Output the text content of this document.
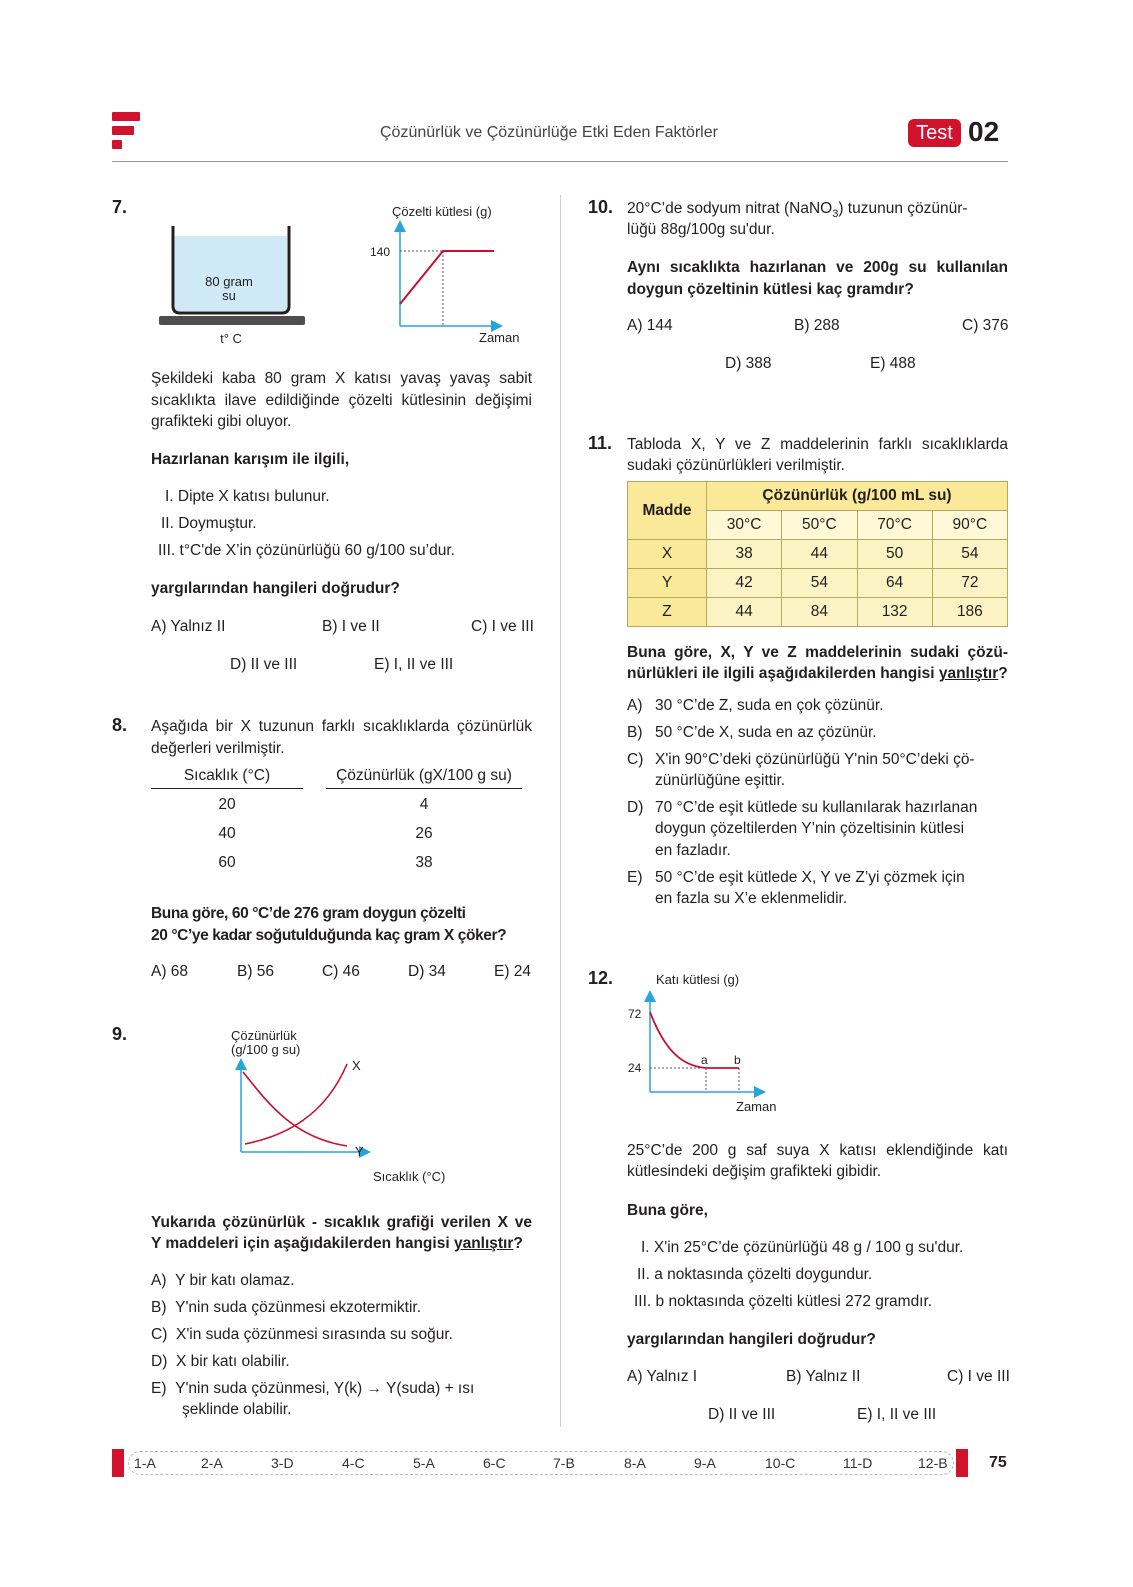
Çözünürlük ve Çözünürlüğe Etki Eden Faktörler	Test 02
7.
80 gram
su
t° C
Çözelti kütlesi (g)
140
Zaman
Şekildeki kaba 80 gram X katısı yavaş yavaş sabit sıcaklıkta ilave edildiğinde çözelti kütlesinin değişimi grafikteki gibi oluyor.
Hazırlanan karışım ile ilgili,
I. Dipte X katısı bulunur.
II. Doymuştur.
III. t°C'de X’in çözünürlüğü 60 g/100 su’dur.
yargılarından hangileri doğrudur?
A) Yalnız II	B) I ve II	C) I ve III
D) II ve III	E) I, II ve III
8. Aşağıda bir X tuzunun farklı sıcaklıklarda çözünürlük değerleri verilmiştir.
Sıcaklık (°C)	Çözünürlük (gX/100 g su)
20	4
40	26
60	38
Buna göre, 60 °C’de 276 gram doygun çözelti
20 °C’ye kadar soğutulduğunda kaç gram X çöker?
A) 68	B) 56	C) 46	D) 34	E) 24
9.	Çözünürlük
(g/100 g su)
X
Y
Sıcaklık (°C)
Yukarıda çözünürlük - sıcaklık grafiği verilen X ve
Y maddeleri için aşağıdakilerden hangisi yanlıştır?
A) Y bir katı olamaz.
B) Y'nin suda çözünmesi ekzotermiktir.
C) X'in suda çözünmesi sırasında su soğur.
D) X bir katı olabilir.
E) Y'nin suda çözünmesi, Y(k) → Y(suda) + ısı
şeklinde olabilir.
10. 20°C’de sodyum nitrat (NaNO$_3$) tuzunun çözünür-
lüğü 88g/100g su'dur.
Aynı sıcaklıkta hazırlanan ve 200g su kullanılan
doygun çözeltinin kütlesi kaç gramdır?
A) 144	B) 288	C) 376
D) 388	E) 488
11. Tabloda X, Y ve Z maddelerinin farklı sıcaklıklarda
sudaki çözünürlükleri verilmiştir.
Madde	Çözünürlük (g/100 mL su)			
	30°C	50°C	70°C	90°C
X	38	44	50	54
Y	42	54	64	72
Z	44	84	132	186
Buna göre, X, Y ve Z maddelerinin sudaki çözü-
nürlükleri ile ilgili aşağıdakilerden hangisi yanlıştır?
A) 30 °C’de Z, suda en çok çözünür.
B) 50 °C’de X, suda en az çözünür.
C) X'in 90°C’deki çözünürlüğü Y'nin 50°C’deki çö-
zünürlüğüne eşittir.
D) 70 °C’de eşit kütlede su kullanılarak hazırlanan
doygun çözeltilerden Y’nin çözeltisinin kütlesi
en fazladır.
E) 50 °C’de eşit kütlede X, Y ve Z’yi çözmek için
en fazla su X’e eklenmelidir.
12.	Katı kütlesi (g)
72
24
a b
Zaman
25°C’de 200 g saf suya X katısı eklendiğinde katı
kütlesindeki değişim grafikteki gibidir.
Buna göre,
I. X'in 25°C’de çözünürlüğü 48 g / 100 g su'dur.
II. a noktasında çözelti doygundur.
III. b noktasında çözelti kütlesi 272 gramdır.
yargılarından hangileri doğrudur?
A) Yalnız I	B) Yalnız II	C) I ve III
D) II ve III	E) I, II ve III
1-A	2-A	3-D	4-C	5-A	6-C	7-B	8-A	9-A	10-C	11-D	12-B	75
